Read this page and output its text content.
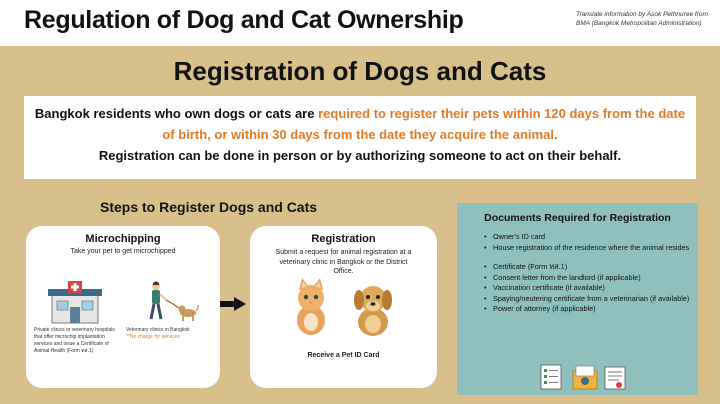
Regulation of Dog and Cat Ownership	Translate information by Asok Pethnuree from BMA (Bangkok Metropolitan Administration)
Registration of Dogs and Cats
Bangkok residents who own dogs or cats are required to register their pets within 120 days from the date of birth, or within 30 days from the date they acquire the animal.
Registration can be done in person or by authorizing someone to act on their behalf.
Steps to Register Dogs and Cats
Microchipping
Take your pet to get microchipped
Private clinics or veterinary hospitals that offer microchip implantation services and issue a Certificate of Animal Health (Form ทส.1)
Veterinary clinics in Bangkok
**No charge for services
Registration
Submit a request for animal registration at a veterinary clinic in Bangkok or the District Office.
Receive a Pet ID Card
Documents Required for Registration
• Owner's ID card
• House registration of the residence where the animal resides
• Certificate (Form ทส.1)
• Consent letter from the landlord (if applicable)
• Vaccination certificate (if available)
• Spaying/neutering certificate from a veterinarian (if available)
• Power of attorney (if applicable)
